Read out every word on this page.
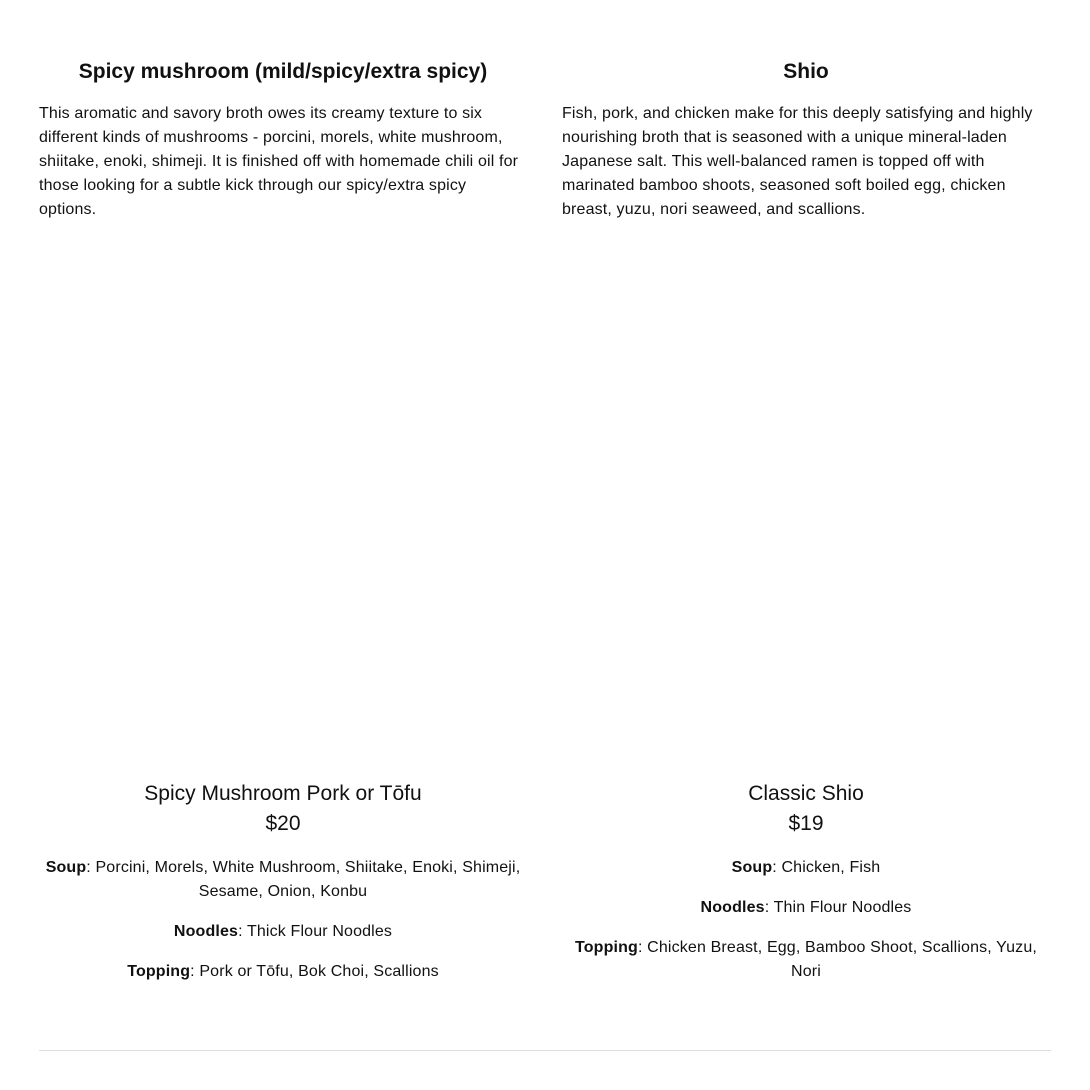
Spicy mushroom (mild/spicy/extra spicy)

This aromatic and savory broth owes its creamy texture to six different kinds of mushrooms - porcini, morels, white mushroom, shiitake, enoki, shimeji. It is finished off with homemade chili oil for those looking for a subtle kick through our spicy/extra spicy options.

Spicy Mushroom Pork or Tōfu
$20
Soup: Porcini, Morels, White Mushroom, Shiitake, Enoki, Shimeji, Sesame, Onion, Konbu
Noodles: Thick Flour Noodles
Topping: Pork or Tōfu, Bok Choi, Scallions
Shio

Fish, pork, and chicken make for this deeply satisfying and highly nourishing broth that is seasoned with a unique mineral-laden Japanese salt. This well-balanced ramen is topped off with marinated bamboo shoots, seasoned soft boiled egg, chicken breast, yuzu, nori seaweed, and scallions.

Classic Shio
$19
Soup: Chicken, Fish
Noodles: Thin Flour Noodles
Topping: Chicken Breast, Egg, Bamboo Shoot, Scallions, Yuzu, Nori
